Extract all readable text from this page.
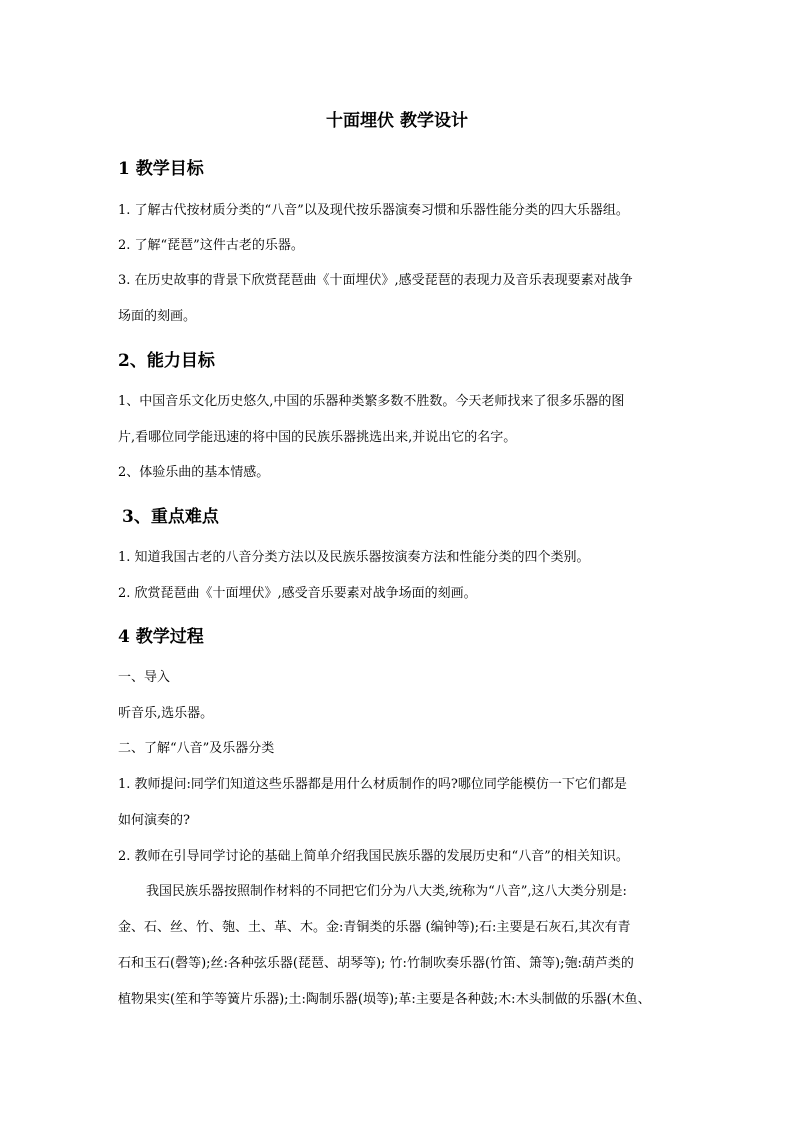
十面埋伏 教学设计
1 教学目标

1. 了解古代按材质分类的“八音”以及现代按乐器演奏习惯和乐器性能分类的四大乐器组。

2. 了解“琵琶”这件古老的乐器。

3. 在历史故事的背景下欣赏琵琶曲《十面埋伏》,感受琵琶的表现力及音乐表现要素对战争

场面的刻画。

2、能力目标

1、中国音乐文化历史悠久,中国的乐器种类繁多数不胜数。今天老师找来了很多乐器的图

片,看哪位同学能迅速的将中国的民族乐器挑选出来,并说出它的名字。

2、体验乐曲的基本情感。

3、重点难点

1. 知道我国古老的八音分类方法以及民族乐器按演奏方法和性能分类的四个类别。

2. 欣赏琵琶曲《十面埋伏》,感受音乐要素对战争场面的刻画。

4 教学过程

一、导入

听音乐,选乐器。

二、了解“八音”及乐器分类

1. 教师提问:同学们知道这些乐器都是用什么材质制作的吗?哪位同学能模仿一下它们都是

如何演奏的?

2. 教师在引导同学讨论的基础上简单介绍我国民族乐器的发展历史和“八音”的相关知识。

我国民族乐器按照制作材料的不同把它们分为八大类,统称为“八音”,这八大类分别是:

金、石、丝、竹、匏、土、革、木。金:青铜类的乐器 (编钟等);石:主要是石灰石,其次有青

石和玉石(磬等);丝:各种弦乐器(琵琶、胡琴等); 竹:竹制吹奏乐器(竹笛、箫等);匏:葫芦类的

植物果实(笙和竽等簧片乐器);土:陶制乐器(埙等);革:主要是各种鼓;木:木头制做的乐器(木鱼、
